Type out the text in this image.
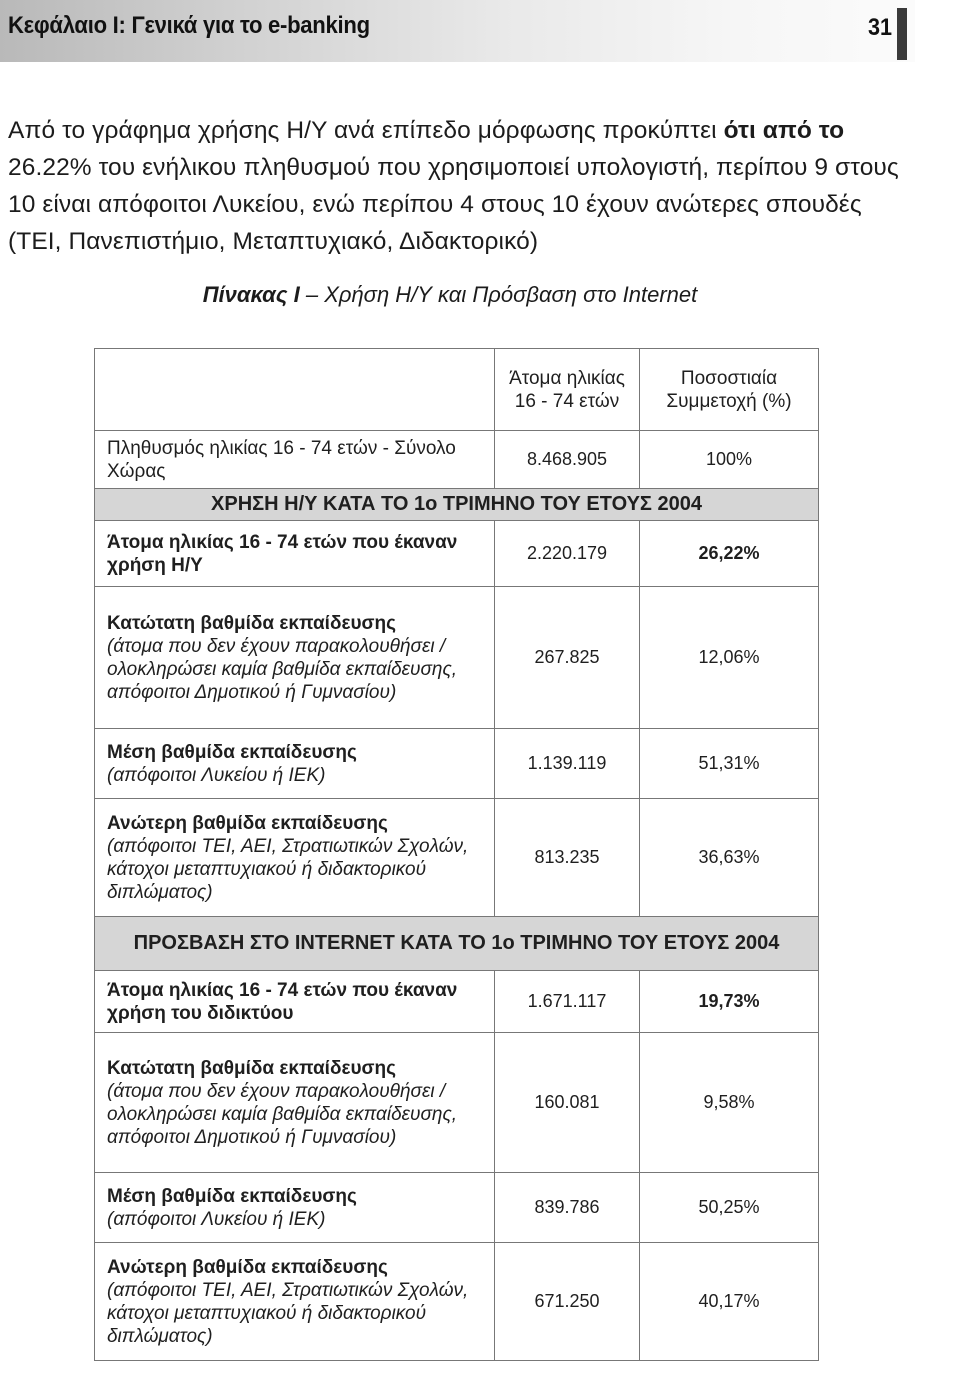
Κεφάλαιο Ι: Γενικά για το e-banking	31
Από το γράφημα χρήσης Η/Υ ανά επίπεδο μόρφωσης προκύπτει ότι από το 26.22% του ενήλικου πληθυσμού που χρησιμοποιεί υπολογιστή, περίπου 9 στους 10 είναι απόφοιτοι Λυκείου, ενώ περίπου 4 στους 10 έχουν ανώτερες σπουδές (ΤΕΙ, Πανεπιστήμιο, Μεταπτυχιακό, Διδακτορικό)
Πίνακας Ι – Χρήση Η/Υ και Πρόσβαση στο Internet
	Άτομα ηλικίας 16 - 74 ετών	Ποσοστιαία Συμμετοχή (%)
Πληθυσμός ηλικίας 16 - 74 ετών - Σύνολο Χώρας	8.468.905	100%
ΧΡΗΣΗ Η/Υ ΚΑΤΑ ΤΟ 1ο ΤΡΙΜΗΝΟ ΤΟΥ ΕΤΟΥΣ 2004		
Άτομα ηλικίας 16 - 74 ετών που έκαναν χρήση Η/Υ	2.220.179	26,22%

Κατώτατη βαθμίδα εκπαίδευσης
(άτομα που δεν έχουν παρακολουθήσει / ολοκληρώσει καμία βαθμίδα εκπαίδευσης, απόφοιτοι Δημοτικού ή Γυμνασίου)	267.825	12,06%

Μέση βαθμίδα εκπαίδευσης
(απόφοιτοι Λυκείου ή ΙΕΚ)	1.139.119	51,31%

Ανώτερη βαθμίδα εκπαίδευσης
(απόφοιτοι ΤΕΙ, ΑΕΙ, Στρατιωτικών Σχολών, κάτοχοι μεταπτυχιακού ή διδακτορικού διπλώματος)	813.235	36,63%
ΠΡΟΣΒΑΣΗ ΣΤΟ INTERNET ΚΑΤΑ ΤΟ 1ο ΤΡΙΜΗΝΟ ΤΟΥ ΕΤΟΥΣ 2004		
Άτομα ηλικίας 16 - 74 ετών που έκαναν χρήση του διδικτύου	1.671.117	19,73%

Κατώτατη βαθμίδα εκπαίδευσης
(άτομα που δεν έχουν παρακολουθήσει / ολοκληρώσει καμία βαθμίδα εκπαίδευσης, απόφοιτοι Δημοτικού ή Γυμνασίου)	160.081	9,58%

Μέση βαθμίδα εκπαίδευσης
(απόφοιτοι Λυκείου ή ΙΕΚ)	839.786	50,25%

Ανώτερη βαθμίδα εκπαίδευσης
(απόφοιτοι ΤΕΙ, ΑΕΙ, Στρατιωτικών Σχολών, κάτοχοι μεταπτυχιακού ή διδακτορικού διπλώματος)	671.250	40,17%
